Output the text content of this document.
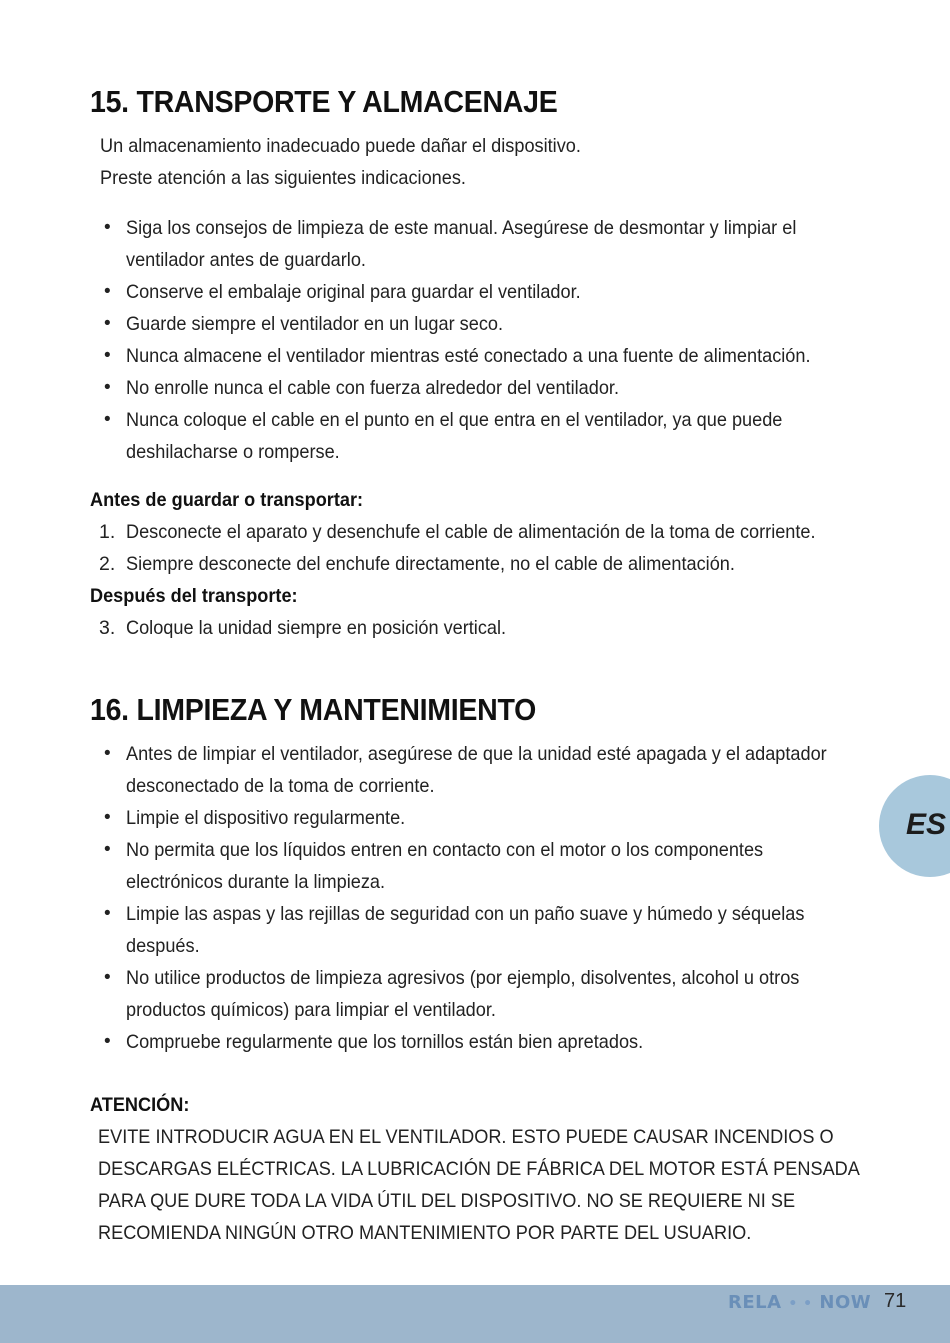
15. TRANSPORTE Y ALMACENAJE

Un almacenamiento inadecuado puede dañar el dispositivo.

Preste atención a las siguientes indicaciones.

• Siga los consejos de limpieza de este manual. Asegúrese de desmontar y limpiar el ventilador antes de guardarlo.
• Conserve el embalaje original para guardar el ventilador.
• Guarde siempre el ventilador en un lugar seco.
• Nunca almacene el ventilador mientras esté conectado a una fuente de alimentación.
• No enrolle nunca el cable con fuerza alrededor del ventilador.
• Nunca coloque el cable en el punto en el que entra en el ventilador, ya que puede deshilacharse o romperse.

Antes de guardar o transportar:

1. Desconecte el aparato y desenchufe el cable de alimentación de la toma de corriente.
2. Siempre desconecte del enchufe directamente, no el cable de alimentación.

Después del transporte:

3. Coloque la unidad siempre en posición vertical.
16. LIMPIEZA Y MANTENIMIENTO
• Antes de limpiar el ventilador, asegúrese de que la unidad esté apagada y el adaptador desconectado de la toma de corriente.
• Limpie el dispositivo regularmente.
• No permita que los líquidos entren en contacto con el motor o los componentes electrónicos durante la limpieza.
• Limpie las aspas y las rejillas de seguridad con un paño suave y húmedo y séquelas después.
• No utilice productos de limpieza agresivos (por ejemplo, disolventes, alcohol u otros productos químicos) para limpiar el ventilador.
• Compruebe regularmente que los tornillos están bien apretados.

ATENCIÓN:

EVITE INTRODUCIR AGUA EN EL VENTILADOR. ESTO PUEDE CAUSAR INCENDIOS O DESCARGAS ELÉCTRICAS. LA LUBRICACIÓN DE FÁBRICA DEL MOTOR ESTÁ PENSADA PARA QUE DURE TODA LA VIDA ÚTIL DEL DISPOSITIVO. NO SE REQUIERE NI SE RECOMIENDA NINGÚN OTRO MANTENIMIENTO POR PARTE DEL USUARIO.

ES
RELA • • NOW 71
